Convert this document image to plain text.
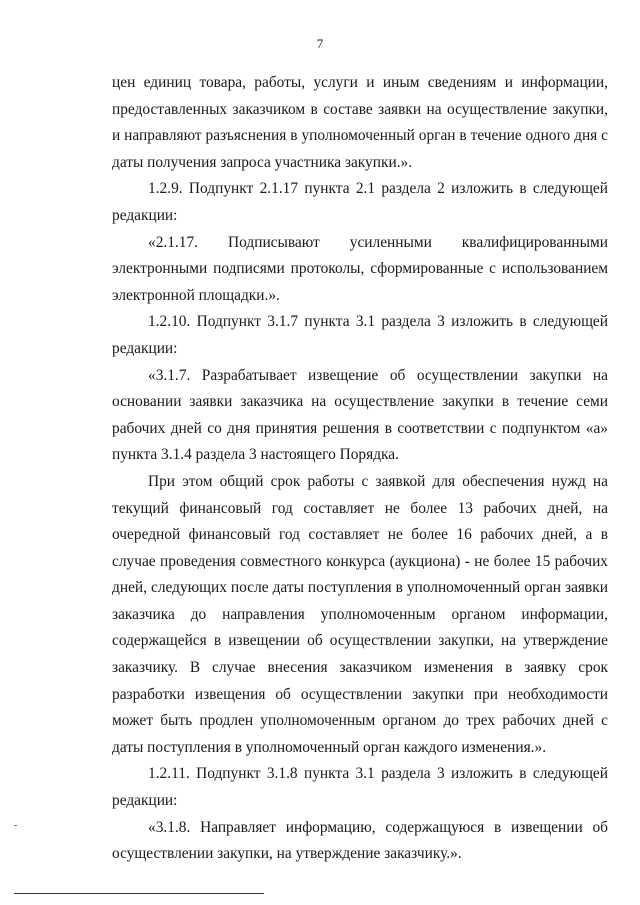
7

цен единиц товара, работы, услуги и иным сведениям и информации, предоставленных заказчиком в составе заявки на осуществление закупки, и направляют разъяснения в уполномоченный орган в течение одного дня с даты получения запроса участника закупки.».

1.2.9. Подпункт 2.1.17 пункта 2.1 раздела 2 изложить в следующей редакции:

«2.1.17. Подписывают усиленными квалифицированными электронными подписями протоколы, сформированные с использованием электронной площадки.».

1.2.10. Подпункт 3.1.7 пункта 3.1 раздела 3 изложить в следующей редакции:

«3.1.7. Разрабатывает извещение об осуществлении закупки на основании заявки заказчика на осуществление закупки в течение семи рабочих дней со дня принятия решения в соответствии с подпунктом «а» пункта 3.1.4 раздела 3 настоящего Порядка.

При этом общий срок работы с заявкой для обеспечения нужд на текущий финансовый год составляет не более 13 рабочих дней, на очередной финансовый год составляет не более 16 рабочих дней, а в случае проведения совместного конкурса (аукциона) - не более 15 рабочих дней, следующих после даты поступления в уполномоченный орган заявки заказчика до направления уполномоченным органом информации, содержащейся в извещении об осуществлении закупки, на утверждение заказчику. В случае внесения заказчиком изменения в заявку срок разработки извещения об осуществлении закупки при необходимости может быть продлен уполномоченным органом до трех рабочих дней с даты поступления в уполномоченный орган каждого изменения.».

1.2.11. Подпункт 3.1.8 пункта 3.1 раздела 3 изложить в следующей редакции:

«3.1.8. Направляет информацию, содержащуюся в извещении об осуществлении закупки, на утверждение заказчику.».

-
